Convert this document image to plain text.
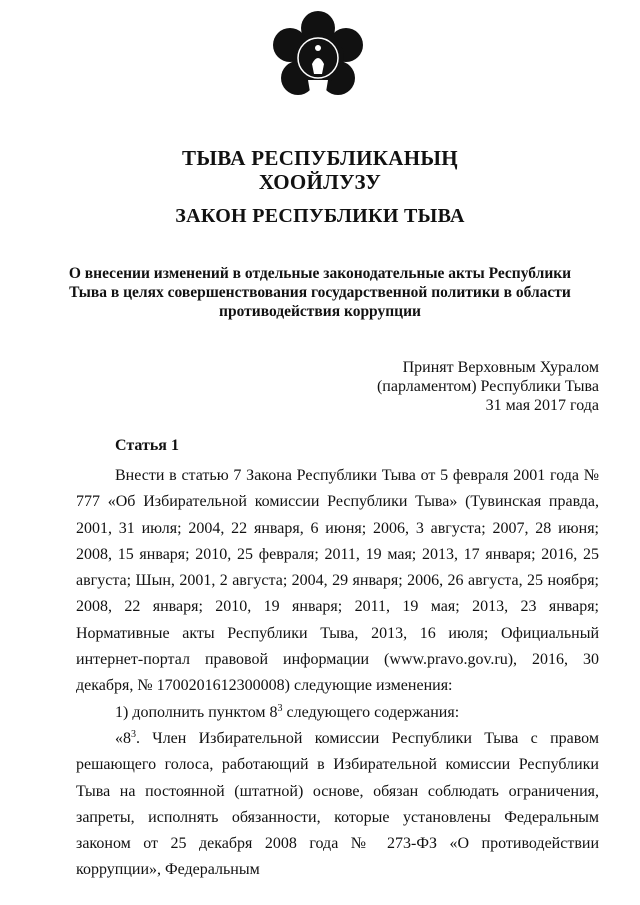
ТЫВА РЕСПУБЛИКАНЫҢ
ХООЙЛУЗУ
ЗАКОН РЕСПУБЛИКИ ТЫВА
О внесении изменений в отдельные законодательные акты Республики Тыва в целях совершенствования государственной политики в области противодействия коррупции
Принят Верховным Хуралом
(парламентом) Республики Тыва
31 мая 2017 года
Статья 1

Внести в статью 7 Закона Республики Тыва от 5 февраля 2001 года № 777 «Об Избирательной комиссии Республики Тыва» (Тувинская правда, 2001, 31 июля; 2004, 22 января, 6 июня; 2006, 3 августа; 2007, 28 июня; 2008, 15 января; 2010, 25 февраля; 2011, 19 мая; 2013, 17 января; 2016, 25 августа; Шын, 2001, 2 августа; 2004, 29 января; 2006, 26 августа, 25 ноября; 2008, 22 января; 2010, 19 января; 2011, 19 мая; 2013, 23 января; Нормативные акты Республики Тыва, 2013, 16 июля; Официальный интернет-портал правовой информации (www.pravo.gov.ru), 2016, 30 декабря, № 1700201612300008) следующие изменения:

1) дополнить пунктом $8^3$ следующего содержания:

«$8^3$. Член Избирательной комиссии Республики Тыва с правом решающего голоса, работающий в Избирательной комиссии Республики Тыва на постоянной (штатной) основе, обязан соблюдать ограничения, запреты, исполнять обязанности, которые установлены Федеральным законом от 25 декабря 2008 года № 273-ФЗ «О противодействии коррупции», Федеральным
